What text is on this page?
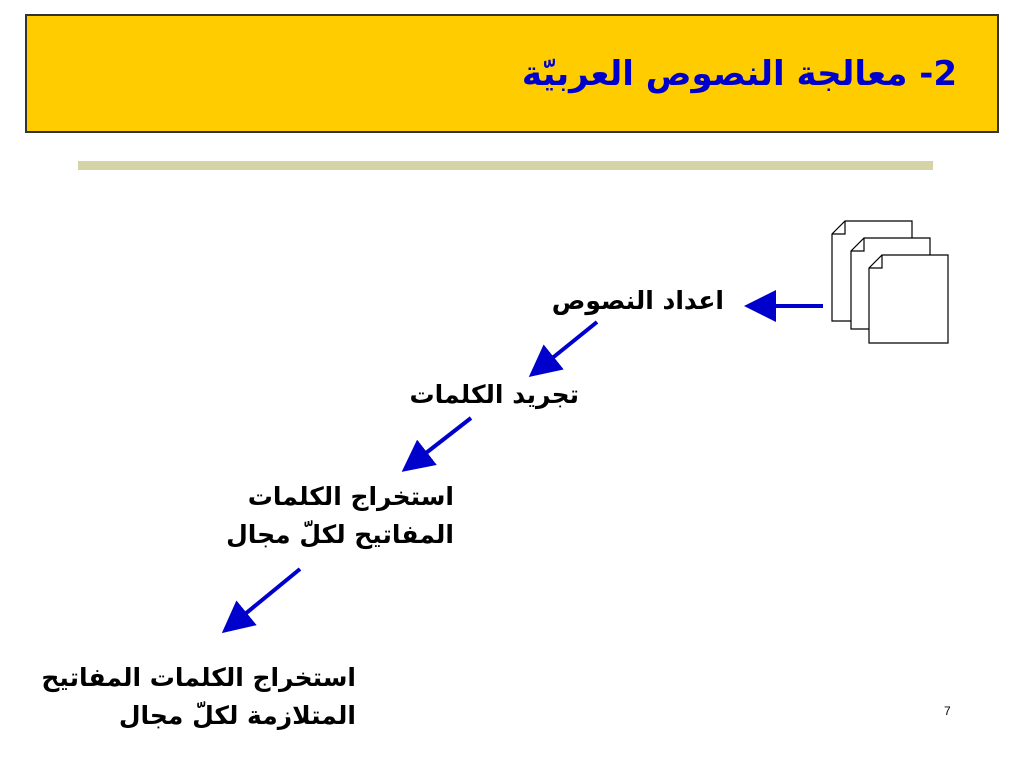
2- معالجة النصوص العربيّة

اعداد النصوص

تجريد الكلمات

استخراج الكلمات
المفاتيح لكلّ مجال

استخراج الكلمات المفاتيح
المتلازمة لكلّ مجال	7
